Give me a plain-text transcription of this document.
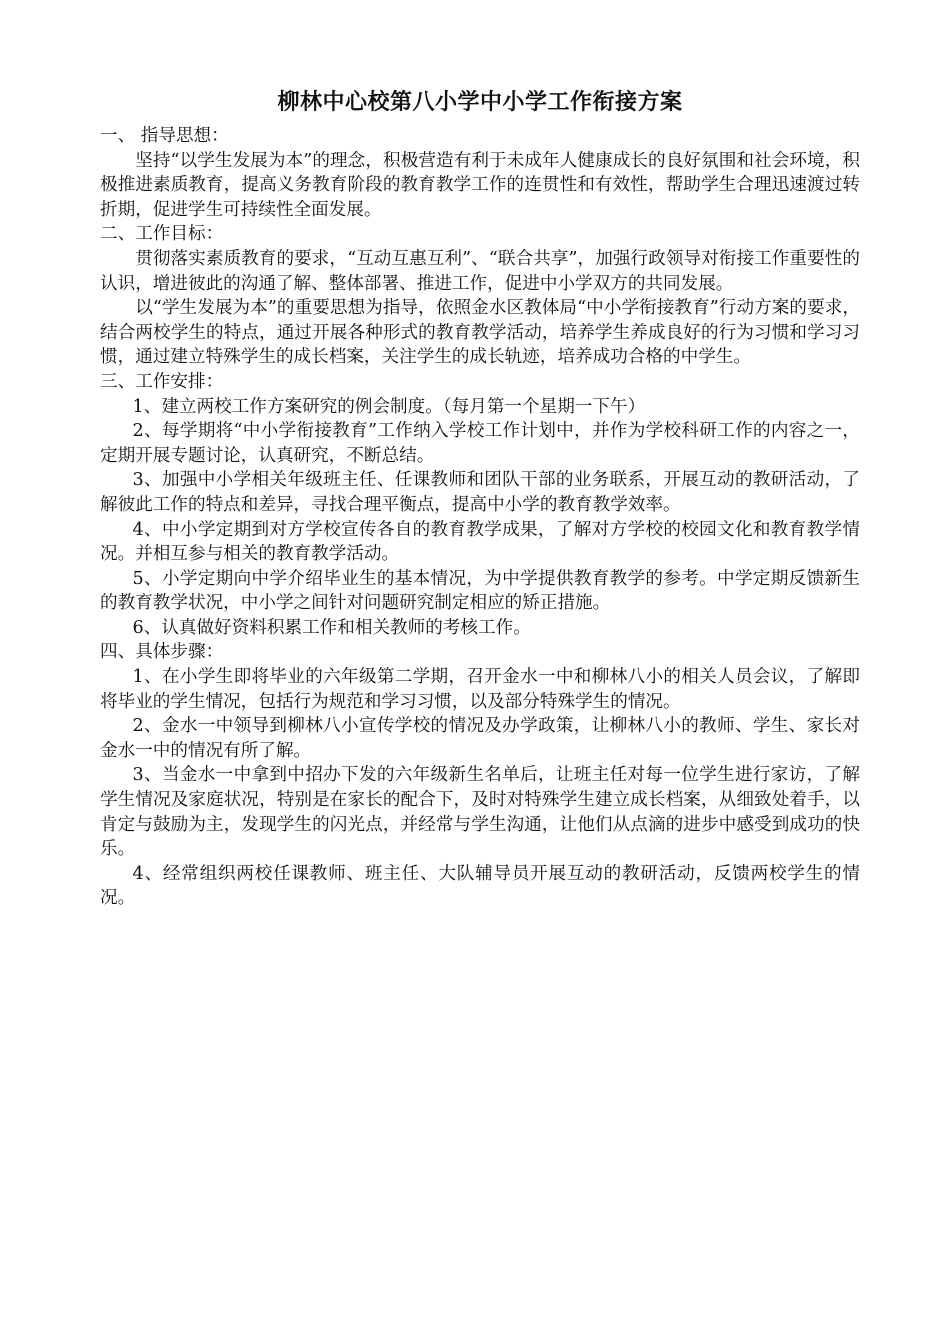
柳林中心校第八小学中小学工作衔接方案

一、 指导思想：

坚持“以学生发展为本”的理念，积极营造有利于未成年人健康成长的良好氛围和社会环境，积极推进素质教育，提高义务教育阶段的教育教学工作的连贯性和有效性，帮助学生合理迅速渡过转折期，促进学生可持续性全面发展。

二、工作目标：

贯彻落实素质教育的要求，“互动互惠互利”、“联合共享”，加强行政领导对衔接工作重要性的认识，增进彼此的沟通了解、整体部署、推进工作，促进中小学双方的共同发展。

以“学生发展为本”的重要思想为指导，依照金水区教体局“中小学衔接教育”行动方案的要求，结合两校学生的特点，通过开展各种形式的教育教学活动，培养学生养成良好的行为习惯和学习习惯，通过建立特殊学生的成长档案，关注学生的成长轨迹，培养成功合格的中学生。

三、工作安排：

1、建立两校工作方案研究的例会制度。（每月第一个星期一下午）

2、每学期将“中小学衔接教育”工作纳入学校工作计划中，并作为学校科研工作的内容之一，定期开展专题讨论，认真研究，不断总结。

3、加强中小学相关年级班主任、任课教师和团队干部的业务联系，开展互动的教研活动，了解彼此工作的特点和差异，寻找合理平衡点，提高中小学的教育教学效率。

4、中小学定期到对方学校宣传各自的教育教学成果，了解对方学校的校园文化和教育教学情况。并相互参与相关的教育教学活动。

5、小学定期向中学介绍毕业生的基本情况，为中学提供教育教学的参考。中学定期反馈新生的教育教学状况，中小学之间针对问题研究制定相应的矫正措施。

6、认真做好资料积累工作和相关教师的考核工作。

四、具体步骤：

1、在小学生即将毕业的六年级第二学期，召开金水一中和柳林八小的相关人员会议，了解即将毕业的学生情况，包括行为规范和学习习惯，以及部分特殊学生的情况。

2、金水一中领导到柳林八小宣传学校的情况及办学政策，让柳林八小的教师、学生、家长对金水一中的情况有所了解。

3、当金水一中拿到中招办下发的六年级新生名单后，让班主任对每一位学生进行家访，了解学生情况及家庭状况，特别是在家长的配合下，及时对特殊学生建立成长档案，从细致处着手，以肯定与鼓励为主，发现学生的闪光点，并经常与学生沟通，让他们从点滴的进步中感受到成功的快乐。

4、经常组织两校任课教师、班主任、大队辅导员开展互动的教研活动，反馈两校学生的情况。
